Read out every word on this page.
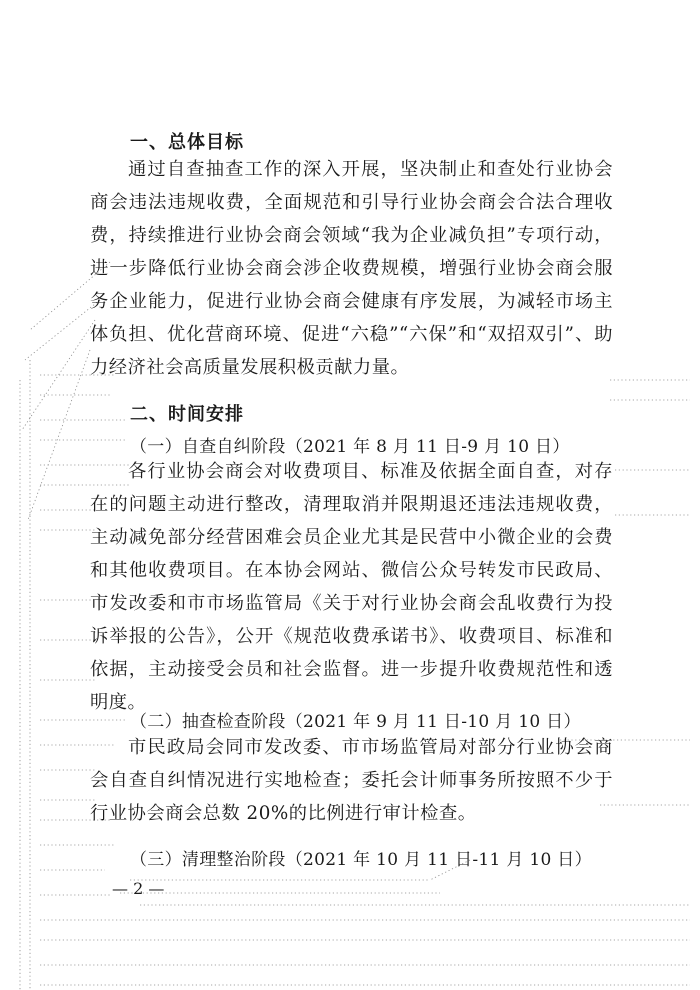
一、总体目标
通过自查抽查工作的深入开展，坚决制止和查处行业协会商会违法违规收费，全面规范和引导行业协会商会合法合理收费，持续推进行业协会商会领域“我为企业减负担”专项行动，进一步降低行业协会商会涉企收费规模，增强行业协会商会服务企业能力，促进行业协会商会健康有序发展，为减轻市场主体负担、优化营商环境、促进“六稳”“六保”和“双招双引”、助力经济社会高质量发展积极贡献力量。
二、时间安排
（一）自查自纠阶段（2021 年 8 月 11 日-9 月 10 日）
各行业协会商会对收费项目、标准及依据全面自查，对存在的问题主动进行整改，清理取消并限期退还违法违规收费，主动减免部分经营困难会员企业尤其是民营中小微企业的会费和其他收费项目。在本协会网站、微信公众号转发市民政局、市发改委和市市场监管局《关于对行业协会商会乱收费行为投诉举报的公告》，公开《规范收费承诺书》、收费项目、标准和依据，主动接受会员和社会监督。进一步提升收费规范性和透明度。
（二）抽查检查阶段（2021 年 9 月 11 日-10 月 10 日）
市民政局会同市发改委、市市场监管局对部分行业协会商会自查自纠情况进行实地检查；委托会计师事务所按照不少于行业协会商会总数 20%的比例进行审计检查。
（三）清理整治阶段（2021 年 10 月 11 日-11 月 10 日）
— 2 —
